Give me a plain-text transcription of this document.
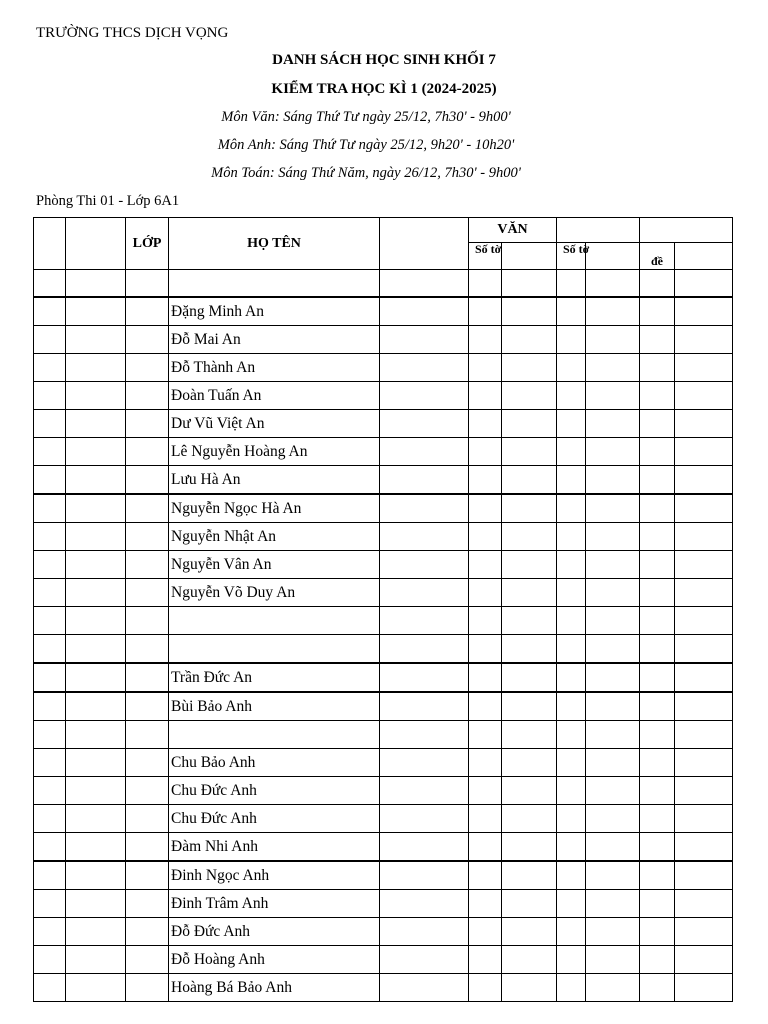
TRƯỜNG THCS DỊCH VỌNG
DANH SÁCH HỌC SINH KHỐI 7
KIỂM TRA HỌC KÌ 1 (2024-2025)
Môn Văn: Sáng Thứ Tư ngày 25/12, 7h30' - 9h00'
Môn Anh: Sáng Thứ Tư ngày 25/12, 9h20' - 10h20'
Môn Toán: Sáng Thứ Năm, ngày 26/12, 7h30' - 9h00'
Phòng Thi 01 - Lớp 6A1
		LỚP	HỌ TÊN		VĂN					
					Số tờ		Số tờ		đề	

			Đặng Minh An							
			Đỗ Mai An							
			Đỗ Thành An							
			Đoàn Tuấn An							
			Dư Vũ Việt An							
			Lê Nguyễn Hoàng An							
			Lưu Hà An							
			Nguyễn Ngọc Hà An							
			Nguyễn Nhật An							
			Nguyễn Vân An							
			Nguyễn Võ Duy An							

			Trần Đức An							
			Bùi Bảo Anh							

			Chu Bảo Anh							
			Chu Đức Anh							
			Chu Đức Anh							
			Đàm Nhi Anh							
			Đinh Ngọc Anh							
			Đinh Trâm Anh							
			Đỗ Đức Anh							
			Đỗ Hoàng Anh							
			Hoàng Bá Bảo Anh							
